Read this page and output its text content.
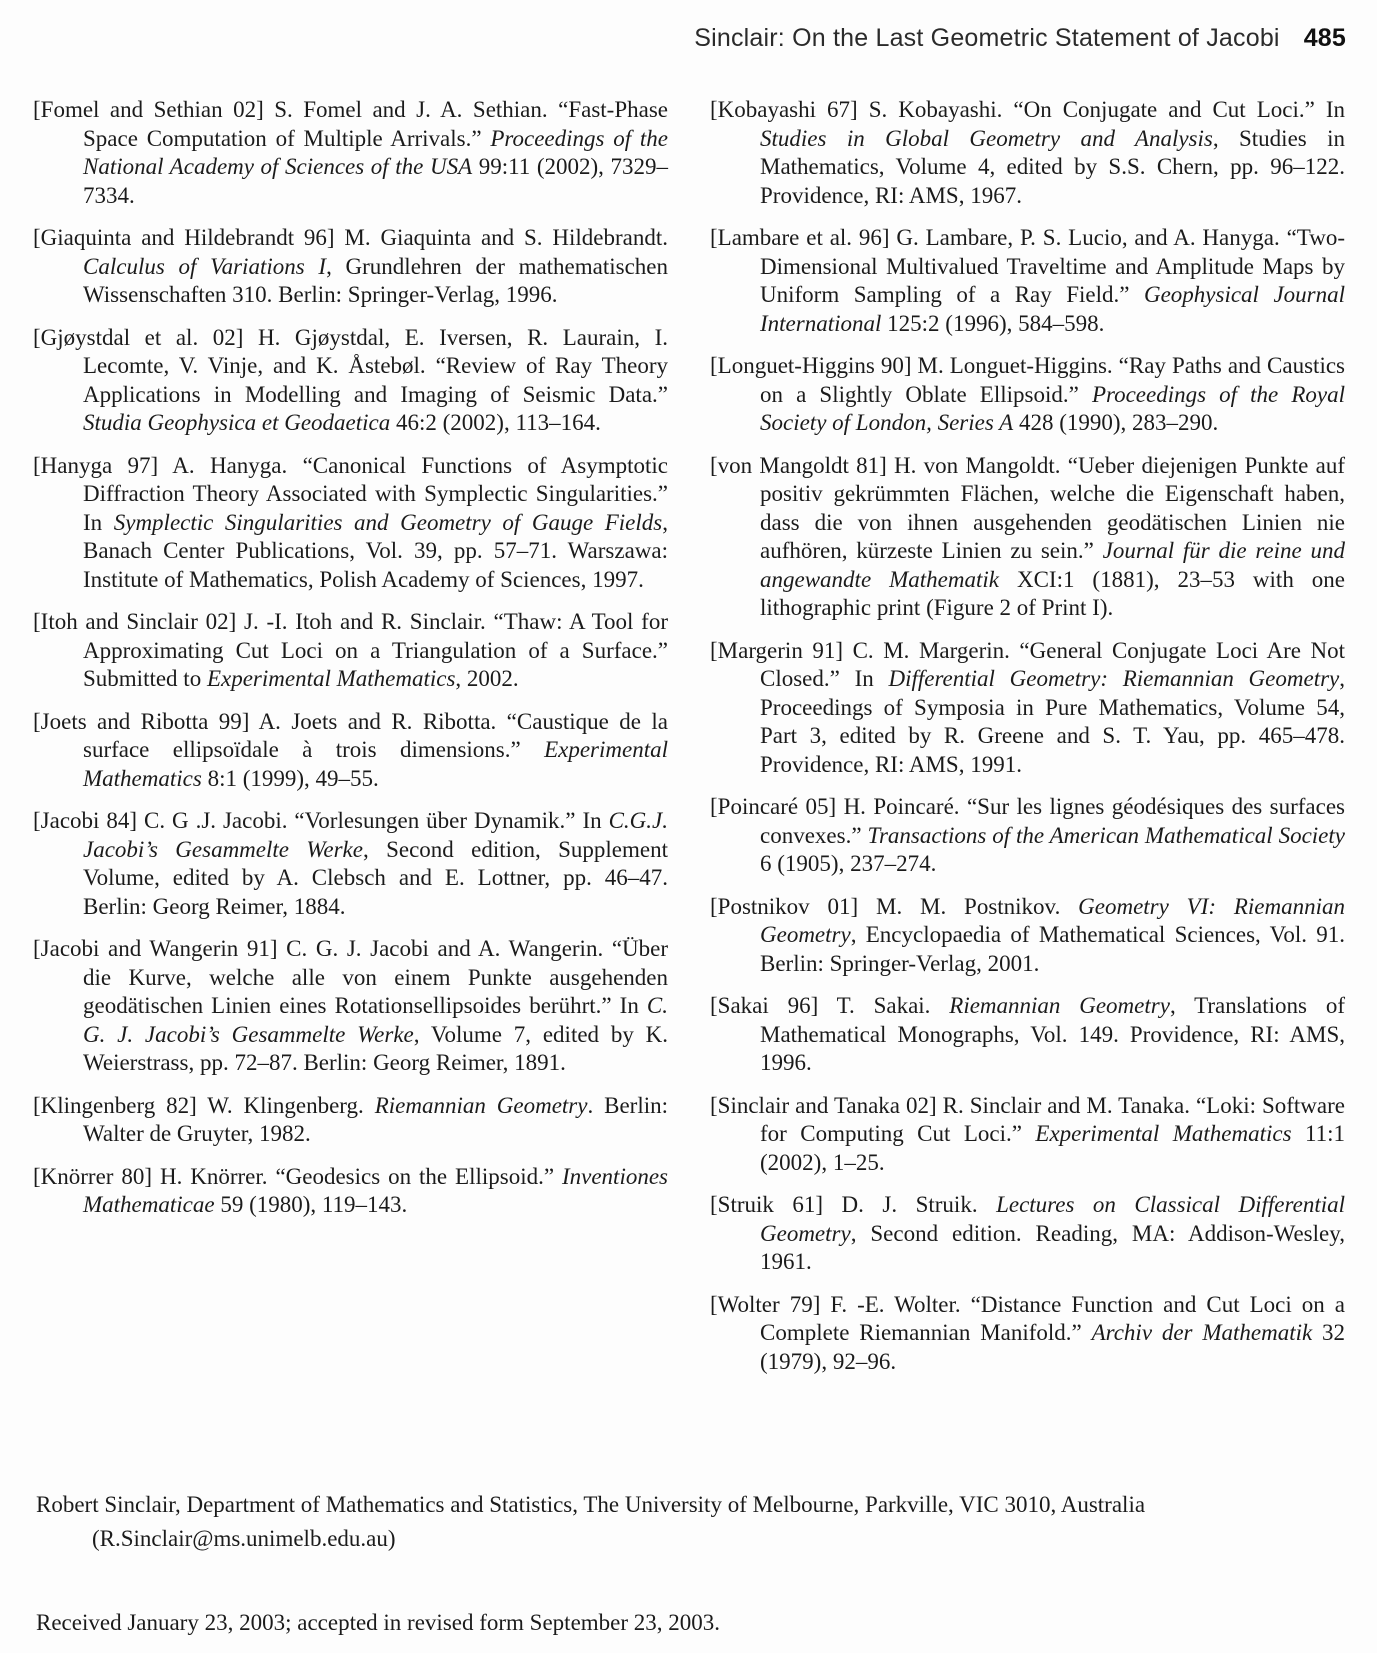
Sinclair: On the Last Geometric Statement of Jacobi 485

[Fomel and Sethian 02] S. Fomel and J. A. Sethian. “Fast-Phase Space Computation of Multiple Arrivals.” Proceedings of the National Academy of Sciences of the USA 99:11 (2002), 7329–7334.

[Giaquinta and Hildebrandt 96] M. Giaquinta and S. Hildebrandt. Calculus of Variations I, Grundlehren der mathematischen Wissenschaften 310. Berlin: Springer-Verlag, 1996.

[Gjøystdal et al. 02] H. Gjøystdal, E. Iversen, R. Laurain, I. Lecomte, V. Vinje, and K. Åstebøl. “Review of Ray Theory Applications in Modelling and Imaging of Seismic Data.” Studia Geophysica et Geodaetica 46:2 (2002), 113–164.

[Hanyga 97] A. Hanyga. “Canonical Functions of Asymptotic Diffraction Theory Associated with Symplectic Singularities.” In Symplectic Singularities and Geometry of Gauge Fields, Banach Center Publications, Vol. 39, pp. 57–71. Warszawa: Institute of Mathematics, Polish Academy of Sciences, 1997.

[Itoh and Sinclair 02] J. -I. Itoh and R. Sinclair. “Thaw: A Tool for Approximating Cut Loci on a Triangulation of a Surface.” Submitted to Experimental Mathematics, 2002.

[Joets and Ribotta 99] A. Joets and R. Ribotta. “Caustique de la surface ellipsoïdale à trois dimensions.” Experimental Mathematics 8:1 (1999), 49–55.

[Jacobi 84] C. G .J. Jacobi. “Vorlesungen über Dynamik.” In C.G.J. Jacobi’s Gesammelte Werke, Second edition, Supplement Volume, edited by A. Clebsch and E. Lottner, pp. 46–47. Berlin: Georg Reimer, 1884.

[Jacobi and Wangerin 91] C. G. J. Jacobi and A. Wangerin. “Über die Kurve, welche alle von einem Punkte ausgehenden geodätischen Linien eines Rotationsellipsoides berührt.” In C. G. J. Jacobi’s Gesammelte Werke, Volume 7, edited by K. Weierstrass, pp. 72–87. Berlin: Georg Reimer, 1891.

[Klingenberg 82] W. Klingenberg. Riemannian Geometry. Berlin: Walter de Gruyter, 1982.

[Knörrer 80] H. Knörrer. “Geodesics on the Ellipsoid.” Inventiones Mathematicae 59 (1980), 119–143.

[Kobayashi 67] S. Kobayashi. “On Conjugate and Cut Loci.” In Studies in Global Geometry and Analysis, Studies in Mathematics, Volume 4, edited by S.S. Chern, pp. 96–122. Providence, RI: AMS, 1967.

[Lambare et al. 96] G. Lambare, P. S. Lucio, and A. Hanyga. “Two-Dimensional Multivalued Traveltime and Amplitude Maps by Uniform Sampling of a Ray Field.” Geophysical Journal International 125:2 (1996), 584–598.

[Longuet-Higgins 90] M. Longuet-Higgins. “Ray Paths and Caustics on a Slightly Oblate Ellipsoid.” Proceedings of the Royal Society of London, Series A 428 (1990), 283–290.

[von Mangoldt 81] H. von Mangoldt. “Ueber diejenigen Punkte auf positiv gekrümmten Flächen, welche die Eigenschaft haben, dass die von ihnen ausgehenden geodätischen Linien nie aufhören, kürzeste Linien zu sein.” Journal für die reine und angewandte Mathematik XCI:1 (1881), 23–53 with one lithographic print (Figure 2 of Print I).

[Margerin 91] C. M. Margerin. “General Conjugate Loci Are Not Closed.” In Differential Geometry: Riemannian Geometry, Proceedings of Symposia in Pure Mathematics, Volume 54, Part 3, edited by R. Greene and S. T. Yau, pp. 465–478. Providence, RI: AMS, 1991.

[Poincaré 05] H. Poincaré. “Sur les lignes géodésiques des surfaces convexes.” Transactions of the American Mathematical Society 6 (1905), 237–274.

[Postnikov 01] M. M. Postnikov. Geometry VI: Riemannian Geometry, Encyclopaedia of Mathematical Sciences, Vol. 91. Berlin: Springer-Verlag, 2001.

[Sakai 96] T. Sakai. Riemannian Geometry, Translations of Mathematical Monographs, Vol. 149. Providence, RI: AMS, 1996.

[Sinclair and Tanaka 02] R. Sinclair and M. Tanaka. “Loki: Software for Computing Cut Loci.” Experimental Mathematics 11:1 (2002), 1–25.

[Struik 61] D. J. Struik. Lectures on Classical Differential Geometry, Second edition. Reading, MA: Addison-Wesley, 1961.

[Wolter 79] F. -E. Wolter. “Distance Function and Cut Loci on a Complete Riemannian Manifold.” Archiv der Mathematik 32 (1979), 92–96.

Robert Sinclair, Department of Mathematics and Statistics, The University of Melbourne, Parkville, VIC 3010, Australia
(R.Sinclair@ms.unimelb.edu.au)
Received January 23, 2003; accepted in revised form September 23, 2003.
